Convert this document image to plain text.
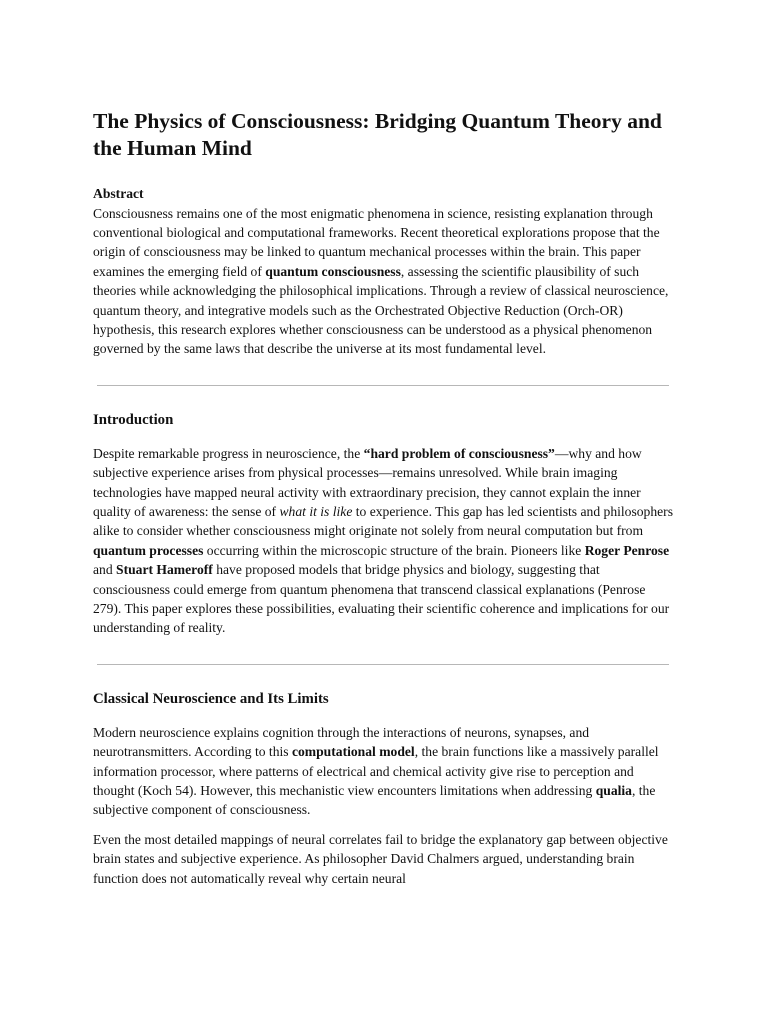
The Physics of Consciousness: Bridging Quantum Theory and the Human Mind
Abstract

Consciousness remains one of the most enigmatic phenomena in science, resisting explanation through conventional biological and computational frameworks. Recent theoretical explorations propose that the origin of consciousness may be linked to quantum mechanical processes within the brain. This paper examines the emerging field of quantum consciousness, assessing the scientific plausibility of such theories while acknowledging the philosophical implications. Through a review of classical neuroscience, quantum theory, and integrative models such as the Orchestrated Objective Reduction (Orch-OR) hypothesis, this research explores whether consciousness can be understood as a physical phenomenon governed by the same laws that describe the universe at its most fundamental level.

Introduction

Despite remarkable progress in neuroscience, the “hard problem of consciousness”—why and how subjective experience arises from physical processes—remains unresolved. While brain imaging technologies have mapped neural activity with extraordinary precision, they cannot explain the inner quality of awareness: the sense of what it is like to experience. This gap has led scientists and philosophers alike to consider whether consciousness might originate not solely from neural computation but from quantum processes occurring within the microscopic structure of the brain. Pioneers like Roger Penrose and Stuart Hameroff have proposed models that bridge physics and biology, suggesting that consciousness could emerge from quantum phenomena that transcend classical explanations (Penrose 279). This paper explores these possibilities, evaluating their scientific coherence and implications for our understanding of reality.

Classical Neuroscience and Its Limits

Modern neuroscience explains cognition through the interactions of neurons, synapses, and neurotransmitters. According to this computational model, the brain functions like a massively parallel information processor, where patterns of electrical and chemical activity give rise to perception and thought (Koch 54). However, this mechanistic view encounters limitations when addressing qualia, the subjective component of consciousness.

Even the most detailed mappings of neural correlates fail to bridge the explanatory gap between objective brain states and subjective experience. As philosopher David Chalmers argued, understanding brain function does not automatically reveal why certain neural
